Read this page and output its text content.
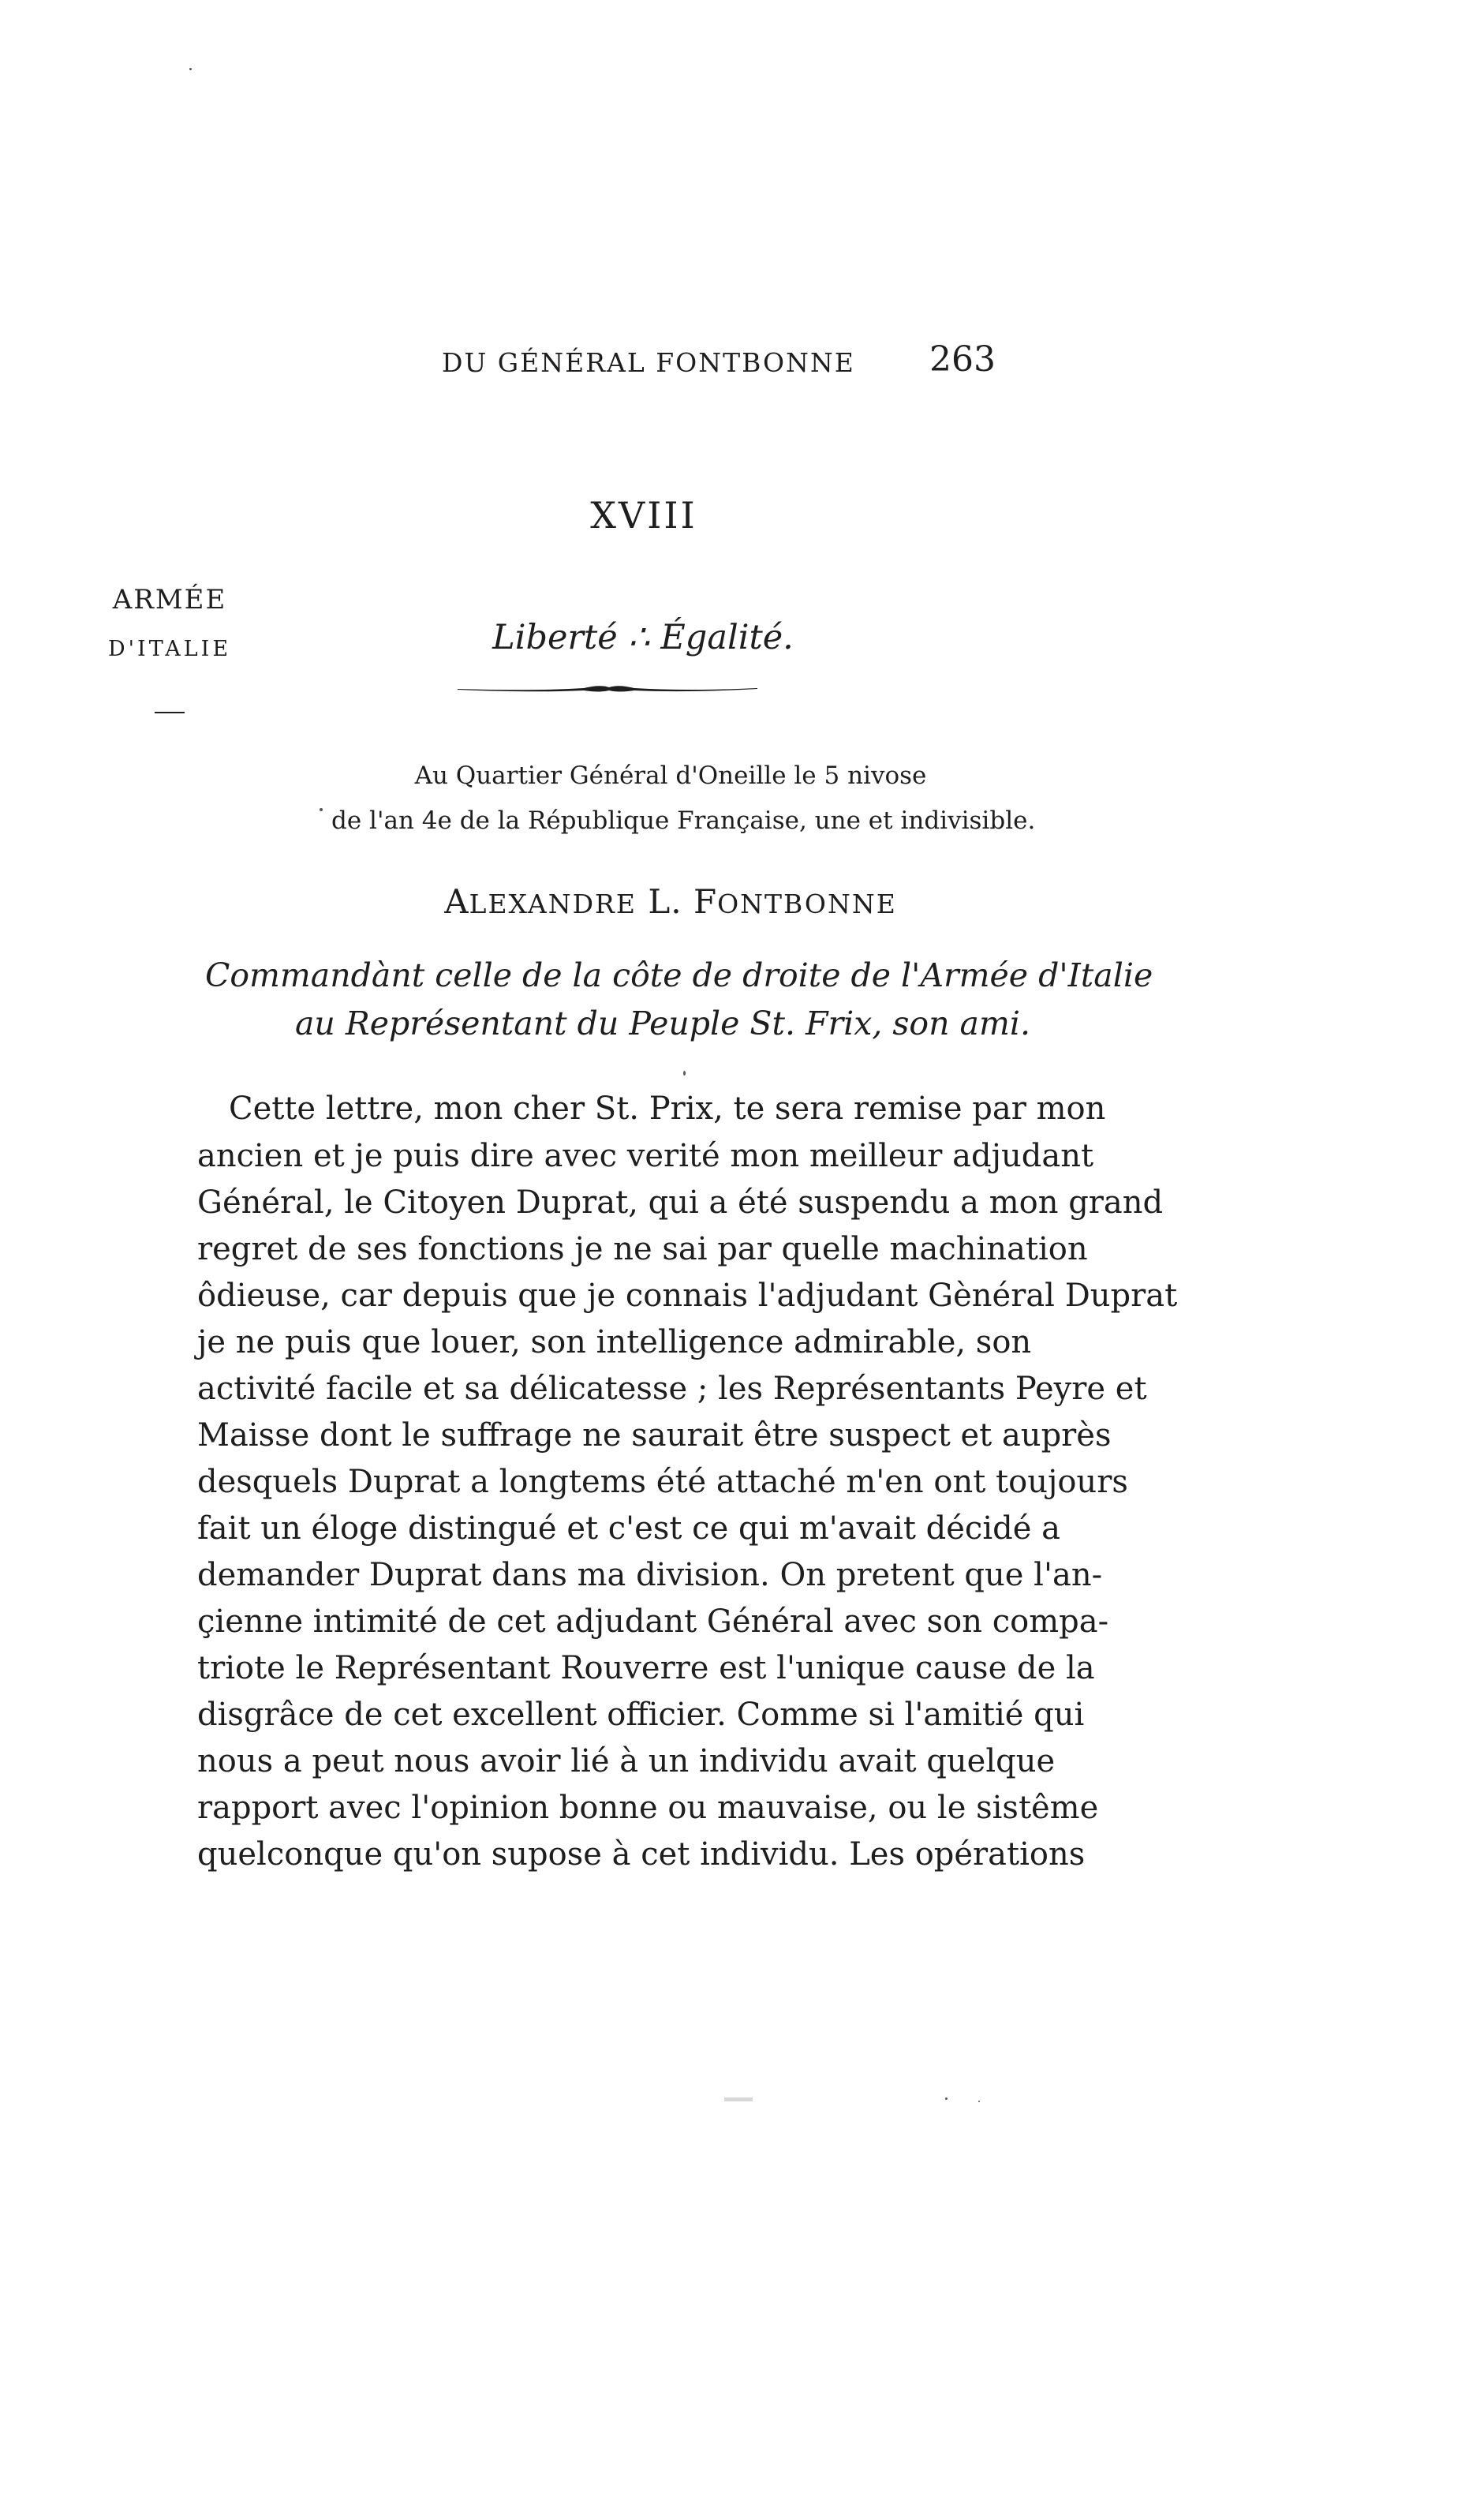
DU GÉNÉRAL FONTBONNE 263
XVIII
ARMÉE
D'ITALIE	Liberté ∴ Égalité.
Au Quartier Général d'Oneille le 5 nivose
de l'an 4e de la République Française, une et indivisible.
ALEXANDRE L. FONTBONNE
Commandànt celle de la côte de droite de l'Armée d'Italie
au Représentant du Peuple St. Frix, son ami.
Cette lettre, mon cher St. Prix, te sera remise par mon
ancien et je puis dire avec verité mon meilleur adjudant
Général, le Citoyen Duprat, qui a été suspendu a mon grand
regret de ses fonctions je ne sai par quelle machination
ôdieuse, car depuis que je connais l'adjudant Gènéral Duprat
je ne puis que louer, son intelligence admirable, son
activité facile et sa délicatesse ; les Représentants Peyre et
Maisse dont le suffrage ne saurait être suspect et auprès
desquels Duprat a longtems été attaché m'en ont toujours
fait un éloge distingué et c'est ce qui m'avait décidé a
demander Duprat dans ma division. On pretent que l'an-
çienne intimité de cet adjudant Général avec son compa-
triote le Représentant Rouverre est l'unique cause de la
disgrâce de cet excellent officier. Comme si l'amitié qui
nous a peut nous avoir lié à un individu avait quelque
rapport avec l'opinion bonne ou mauvaise, ou le sistême
quelconque qu'on supose à cet individu. Les opérations
